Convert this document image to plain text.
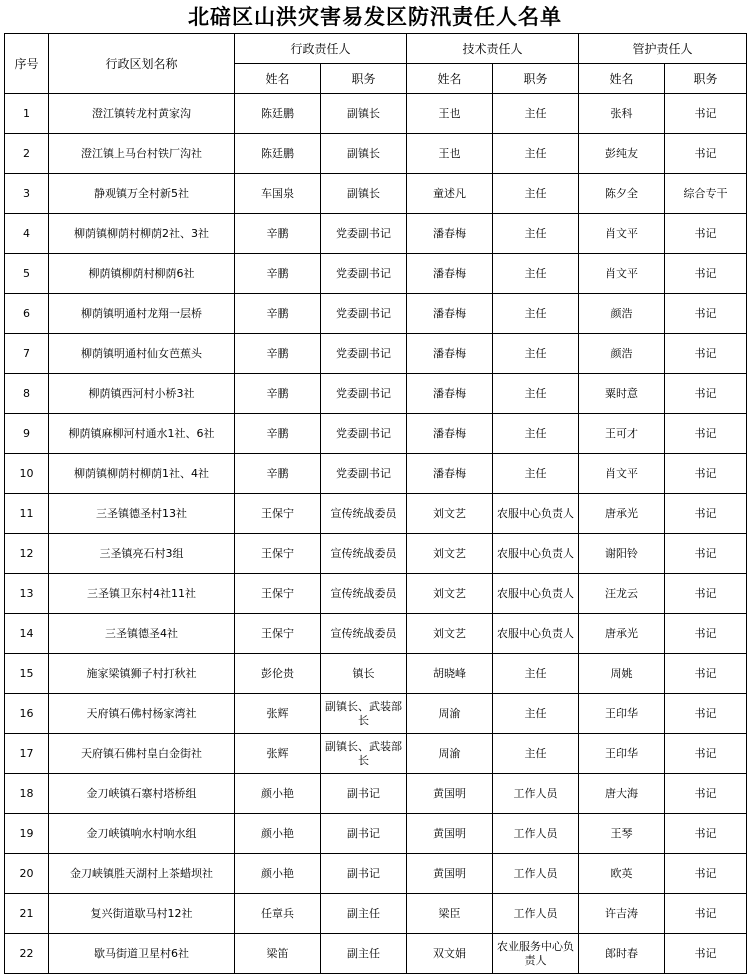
北碚区山洪灾害易发区防汛责任人名单
序号	行政区划名称	行政责任人		技术责任人		管护责任人	
		姓名	职务	姓名	职务	姓名	职务
1	澄江镇转龙村黄家沟	陈廷鹏	副镇长	王也	主任	张科	书记
2	澄江镇上马台村铁厂沟社	陈廷鹏	副镇长	王也	主任	彭纯友	书记
3	静观镇万全村新5社	车国泉	副镇长	童述凡	主任	陈夕全	综合专干
4	柳荫镇柳荫村柳荫2社、3社	辛鹏	党委副书记	潘春梅	主任	肖文平	书记
5	柳荫镇柳荫村柳荫6社	辛鹏	党委副书记	潘春梅	主任	肖文平	书记
6	柳荫镇明通村龙翔一层桥	辛鹏	党委副书记	潘春梅	主任	颜浩	书记
7	柳荫镇明通村仙女芭蕉头	辛鹏	党委副书记	潘春梅	主任	颜浩	书记
8	柳荫镇西河村小桥3社	辛鹏	党委副书记	潘春梅	主任	粟时意	书记
9	柳荫镇麻柳河村通水1社、6社	辛鹏	党委副书记	潘春梅	主任	王可才	书记
10	柳荫镇柳荫村柳荫1社、4社	辛鹏	党委副书记	潘春梅	主任	肖文平	书记
11	三圣镇德圣村13社	王保宁	宣传统战委员	刘文艺	农服中心负责人	唐承光	书记
12	三圣镇亮石村3组	王保宁	宣传统战委员	刘文艺	农服中心负责人	谢阳铃	书记
13	三圣镇卫东村4社11社	王保宁	宣传统战委员	刘文艺	农服中心负责人	汪龙云	书记
14	三圣镇德圣4社	王保宁	宣传统战委员	刘文艺	农服中心负责人	唐承光	书记
15	施家梁镇狮子村打秋社	彭伦贵	镇长	胡晓峰	主任	周姚	书记
16	天府镇石佛村杨家湾社	张辉	副镇长、武装部长	周渝	主任	王印华	书记
17	天府镇石佛村皇白金街社	张辉	副镇长、武装部长	周渝	主任	王印华	书记
18	金刀峡镇石寨村塔桥组	颜小艳	副书记	黄国明	工作人员	唐大海	书记
19	金刀峡镇响水村响水组	颜小艳	副书记	黄国明	工作人员	王琴	书记
20	金刀峡镇胜天湖村上茶蜡坝社	颜小艳	副书记	黄国明	工作人员	欧英	书记
21	复兴街道歇马村12社	任章兵	副主任	梁臣	工作人员	许吉涛	书记
22	歇马街道卫星村6社	梁笛	副主任	双文娟	农业服务中心负责人	郎时春	书记
